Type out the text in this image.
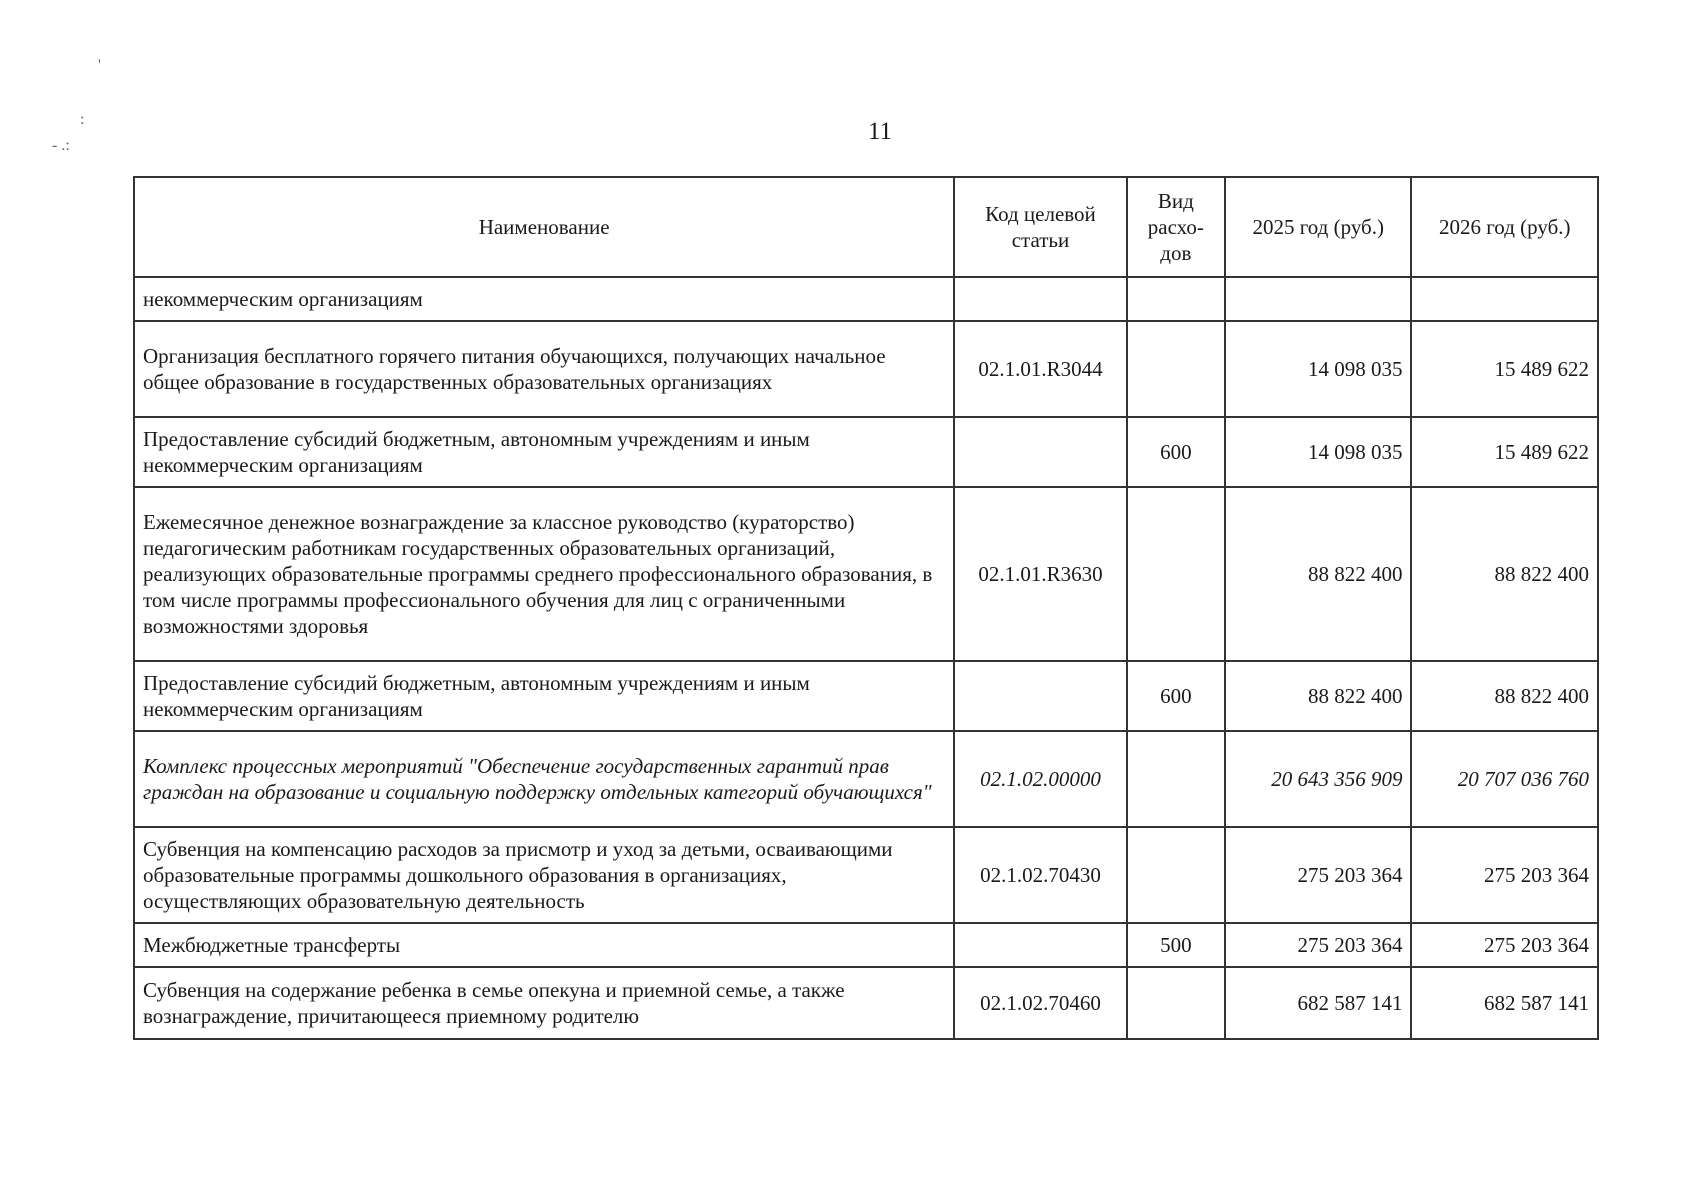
'
:
- .:
11
Наименование	Код целевой статьи	Вид расхо-дов	2025 год (руб.)	2026 год (руб.)
некоммерческим организациям				
Организация бесплатного горячего питания обучающихся, получающих начальное общее образование в государственных образовательных организациях	02.1.01.R3044		14 098 035	15 489 622
Предоставление субсидий бюджетным, автономным учреждениям и иным некоммерческим организациям		600	14 098 035	15 489 622
Ежемесячное денежное вознаграждение за классное руководство (кураторство) педагогическим работникам государственных образовательных организаций, реализующих образовательные программы среднего профессионального образования, в том числе программы профессионального обучения для лиц с ограниченными возможностями здоровья	02.1.01.R3630		88 822 400	88 822 400
Предоставление субсидий бюджетным, автономным учреждениям и иным некоммерческим организациям		600	88 822 400	88 822 400
Комплекс процессных мероприятий "Обеспечение государственных гарантий прав граждан на образование и социальную поддержку отдельных категорий обучающихся"	02.1.02.00000		20 643 356 909	20 707 036 760
Субвенция на компенсацию расходов за присмотр и уход за детьми, осваивающими образовательные программы дошкольного образования в организациях, осуществляющих образовательную деятельность	02.1.02.70430		275 203 364	275 203 364
Межбюджетные трансферты		500	275 203 364	275 203 364
Субвенция на содержание ребенка в семье опекуна и приемной семье, а также вознаграждение, причитающееся приемному родителю	02.1.02.70460		682 587 141	682 587 141
